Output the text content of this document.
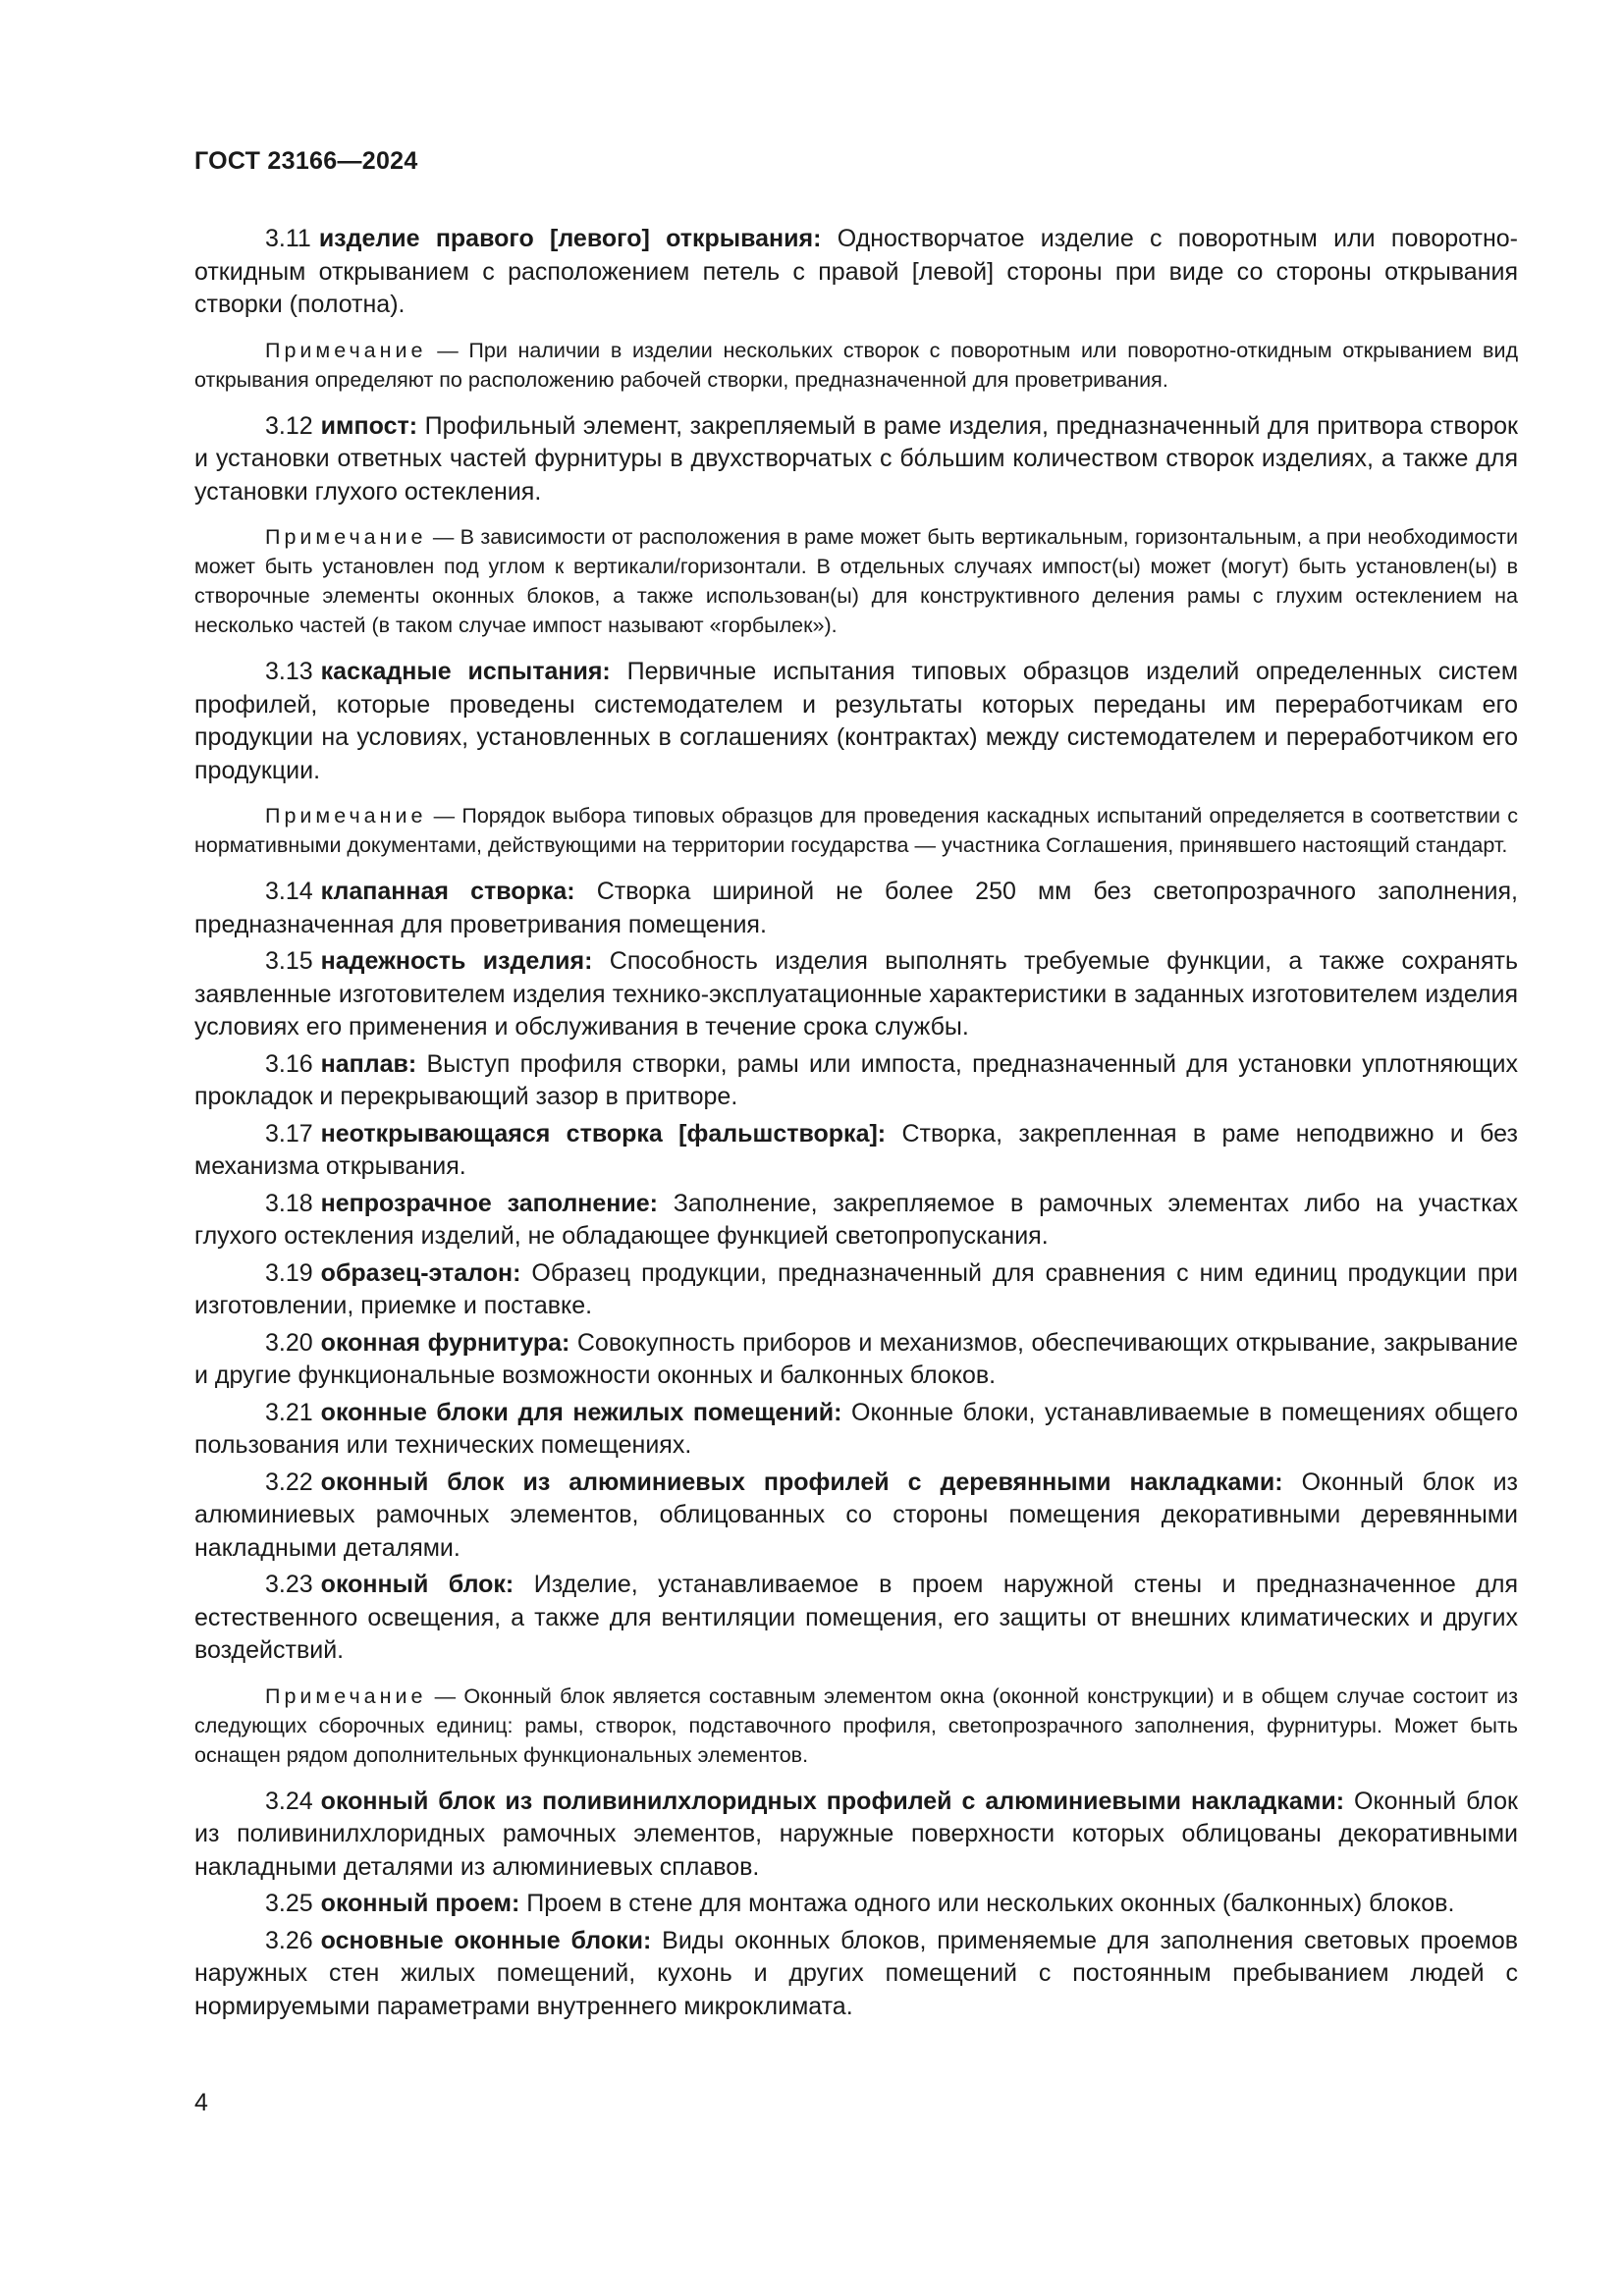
ГОСТ 23166—2024

3.11 изделие правого [левого] открывания: Одностворчатое изделие с поворотным или поворотно-откидным открыванием с расположением петель с правой [левой] стороны при виде со стороны открывания створки (полотна).

Примечание — При наличии в изделии нескольких створок с поворотным или поворотно-откидным открыванием вид открывания определяют по расположению рабочей створки, предназначенной для проветривания.

3.12 импост: Профильный элемент, закрепляемый в раме изделия, предназначенный для притвора створок и установки ответных частей фурнитуры в двухстворчатых с бо́льшим количеством створок изделиях, а также для установки глухого остекления.

Примечание — В зависимости от расположения в раме может быть вертикальным, горизонтальным, а при необходимости может быть установлен под углом к вертикали/горизонтали. В отдельных случаях импост(ы) может (могут) быть установлен(ы) в створочные элементы оконных блоков, а также использован(ы) для конструктивного деления рамы с глухим остеклением на несколько частей (в таком случае импост называют «горбылек»).

3.13 каскадные испытания: Первичные испытания типовых образцов изделий определенных систем профилей, которые проведены системодателем и результаты которых переданы им переработчикам его продукции на условиях, установленных в соглашениях (контрактах) между системодателем и переработчиком его продукции.

Примечание — Порядок выбора типовых образцов для проведения каскадных испытаний определяется в соответствии с нормативными документами, действующими на территории государства — участника Соглашения, принявшего настоящий стандарт.

3.14 клапанная створка: Створка шириной не более 250 мм без светопрозрачного заполнения, предназначенная для проветривания помещения.

3.15 надежность изделия: Способность изделия выполнять требуемые функции, а также сохранять заявленные изготовителем изделия технико-эксплуатационные характеристики в заданных изготовителем изделия условиях его применения и обслуживания в течение срока службы.

3.16 наплав: Выступ профиля створки, рамы или импоста, предназначенный для установки уплотняющих прокладок и перекрывающий зазор в притворе.

3.17 неоткрывающаяся створка [фальшстворка]: Створка, закрепленная в раме неподвижно и без механизма открывания.

3.18 непрозрачное заполнение: Заполнение, закрепляемое в рамочных элементах либо на участках глухого остекления изделий, не обладающее функцией светопропускания.

3.19 образец-эталон: Образец продукции, предназначенный для сравнения с ним единиц продукции при изготовлении, приемке и поставке.

3.20 оконная фурнитура: Совокупность приборов и механизмов, обеспечивающих открывание, закрывание и другие функциональные возможности оконных и балконных блоков.

3.21 оконные блоки для нежилых помещений: Оконные блоки, устанавливаемые в помещениях общего пользования или технических помещениях.

3.22 оконный блок из алюминиевых профилей с деревянными накладками: Оконный блок из алюминиевых рамочных элементов, облицованных со стороны помещения декоративными деревянными накладными деталями.

3.23 оконный блок: Изделие, устанавливаемое в проем наружной стены и предназначенное для естественного освещения, а также для вентиляции помещения, его защиты от внешних климатических и других воздействий.

Примечание — Оконный блок является составным элементом окна (оконной конструкции) и в общем случае состоит из следующих сборочных единиц: рамы, створок, подставочного профиля, светопрозрачного заполнения, фурнитуры. Может быть оснащен рядом дополнительных функциональных элементов.

3.24 оконный блок из поливинилхлоридных профилей с алюминиевыми накладками: Оконный блок из поливинилхлоридных рамочных элементов, наружные поверхности которых облицованы декоративными накладными деталями из алюминиевых сплавов.

3.25 оконный проем: Проем в стене для монтажа одного или нескольких оконных (балконных) блоков.

3.26 основные оконные блоки: Виды оконных блоков, применяемые для заполнения световых проемов наружных стен жилых помещений, кухонь и других помещений с постоянным пребыванием людей с нормируемыми параметрами внутреннего микроклимата.

4
